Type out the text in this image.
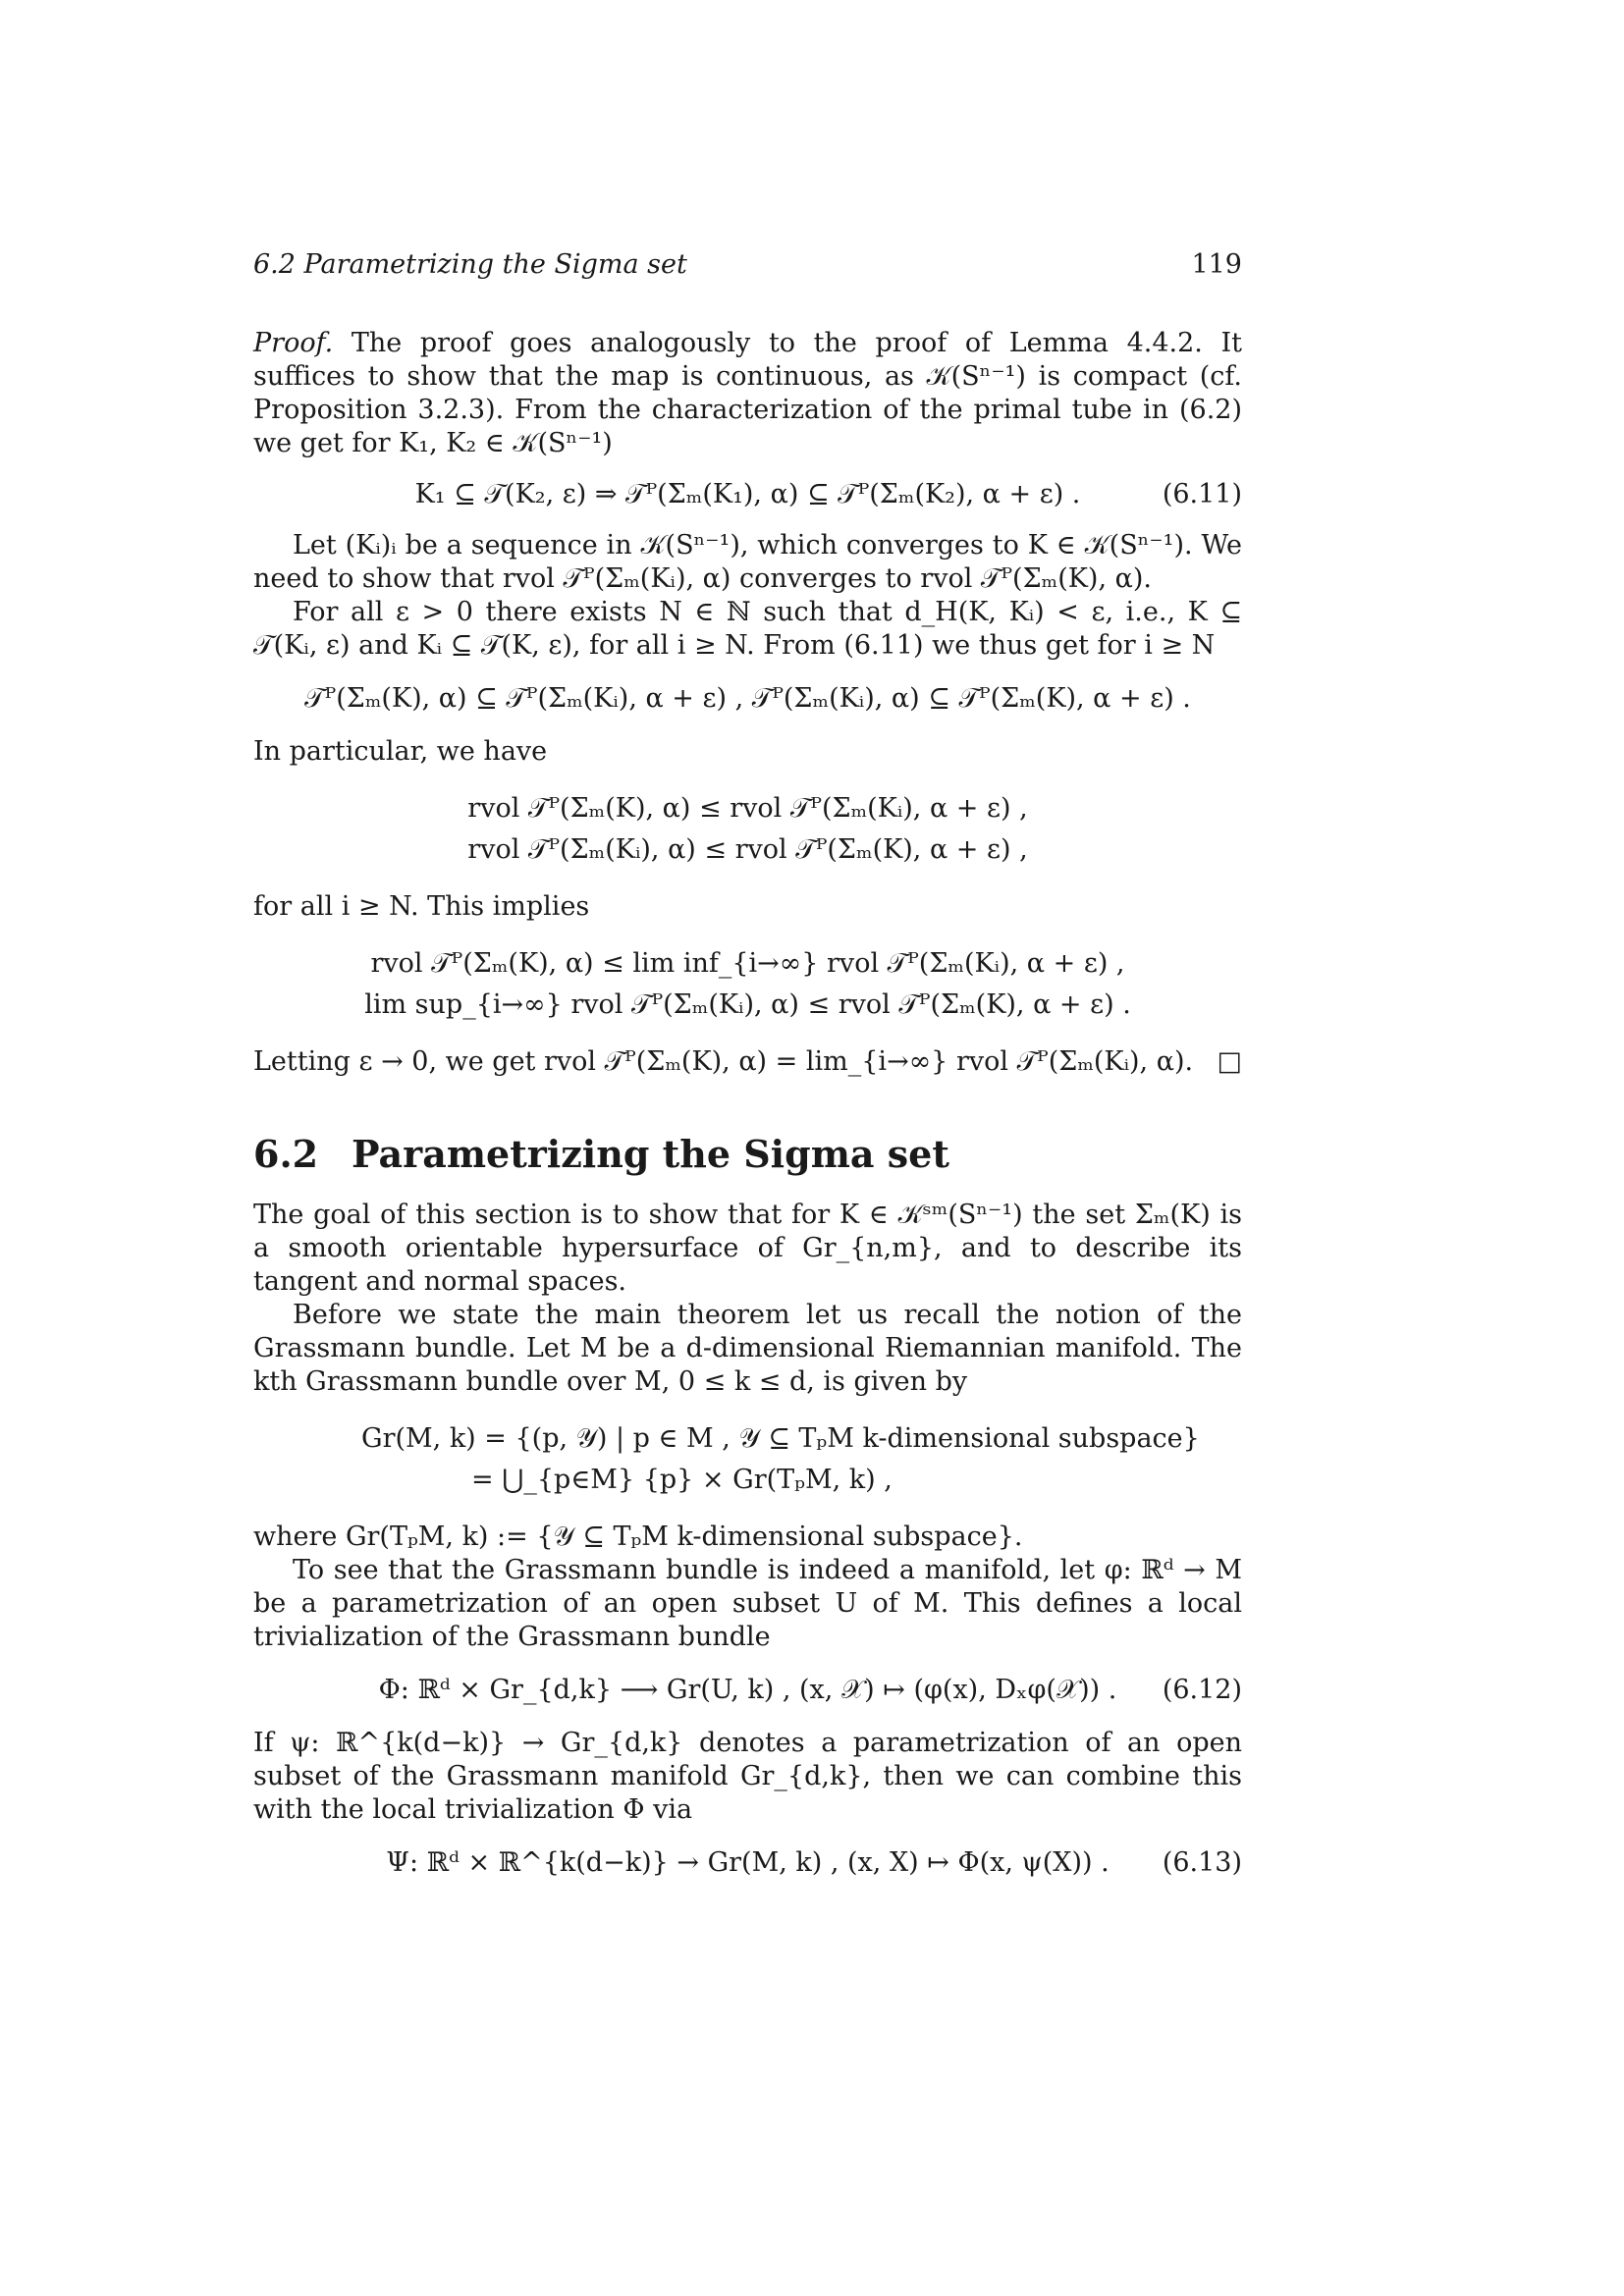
6.2 Parametrizing the Sigma set	119

Proof. The proof goes analogously to the proof of Lemma 4.4.2. It suffices to show that the map is continuous, as 𝒦(Sⁿ⁻¹) is compact (cf. Proposition 3.2.3). From the characterization of the primal tube in (6.2) we get for K₁, K₂ ∈ 𝒦(Sⁿ⁻¹)

K₁ ⊆ 𝒯(K₂, ε) ⇒ 𝒯ᴾ(Σₘ(K₁), α) ⊆ 𝒯ᴾ(Σₘ(K₂), α + ε) .	(6.11)

Let (Kᵢ)ᵢ be a sequence in 𝒦(Sⁿ⁻¹), which converges to K ∈ 𝒦(Sⁿ⁻¹). We need to show that rvol 𝒯ᴾ(Σₘ(Kᵢ), α) converges to rvol 𝒯ᴾ(Σₘ(K), α).

For all ε > 0 there exists N ∈ ℕ such that d_H(K, Kᵢ) < ε, i.e., K ⊆ 𝒯(Kᵢ, ε) and Kᵢ ⊆ 𝒯(K, ε), for all i ≥ N. From (6.11) we thus get for i ≥ N

𝒯ᴾ(Σₘ(K), α) ⊆ 𝒯ᴾ(Σₘ(Kᵢ), α + ε) , 𝒯ᴾ(Σₘ(Kᵢ), α) ⊆ 𝒯ᴾ(Σₘ(K), α + ε) .

In particular, we have

rvol 𝒯ᴾ(Σₘ(K), α) ≤ rvol 𝒯ᴾ(Σₘ(Kᵢ), α + ε) ,
rvol 𝒯ᴾ(Σₘ(Kᵢ), α) ≤ rvol 𝒯ᴾ(Σₘ(K), α + ε) ,

for all i ≥ N. This implies

rvol 𝒯ᴾ(Σₘ(K), α) ≤ lim inf_{i→∞} rvol 𝒯ᴾ(Σₘ(Kᵢ), α + ε) ,
lim sup_{i→∞} rvol 𝒯ᴾ(Σₘ(Kᵢ), α) ≤ rvol 𝒯ᴾ(Σₘ(K), α + ε) .

Letting ε → 0, we get rvol 𝒯ᴾ(Σₘ(K), α) = lim_{i→∞} rvol 𝒯ᴾ(Σₘ(Kᵢ), α). □

6.2 Parametrizing the Sigma set

The goal of this section is to show that for K ∈ 𝒦ˢᵐ(Sⁿ⁻¹) the set Σₘ(K) is a smooth orientable hypersurface of Gr_{n,m}, and to describe its tangent and normal spaces.

Before we state the main theorem let us recall the notion of the Grassmann bundle. Let M be a d-dimensional Riemannian manifold. The kth Grassmann bundle over M, 0 ≤ k ≤ d, is given by

Gr(M, k) = {(p, 𝒴) | p ∈ M , 𝒴 ⊆ TₚM k-dimensional subspace}
= ⋃_{p∈M} {p} × Gr(TₚM, k) ,

where Gr(TₚM, k) := {𝒴 ⊆ TₚM k-dimensional subspace}.

To see that the Grassmann bundle is indeed a manifold, let φ: ℝᵈ → M be a parametrization of an open subset U of M. This defines a local trivialization of the Grassmann bundle

Φ: ℝᵈ × Gr_{d,k} ⟶ Gr(U, k) , (x, 𝒳) ↦ (φ(x), Dₓφ(𝒳)) . (6.12)

If ψ: ℝ^{k(d−k)} → Gr_{d,k} denotes a parametrization of an open subset of the Grassmann manifold Gr_{d,k}, then we can combine this with the local trivialization Φ via

Ψ: ℝᵈ × ℝ^{k(d−k)} → Gr(M, k) , (x, X) ↦ Φ(x, ψ(X)) . (6.13)
